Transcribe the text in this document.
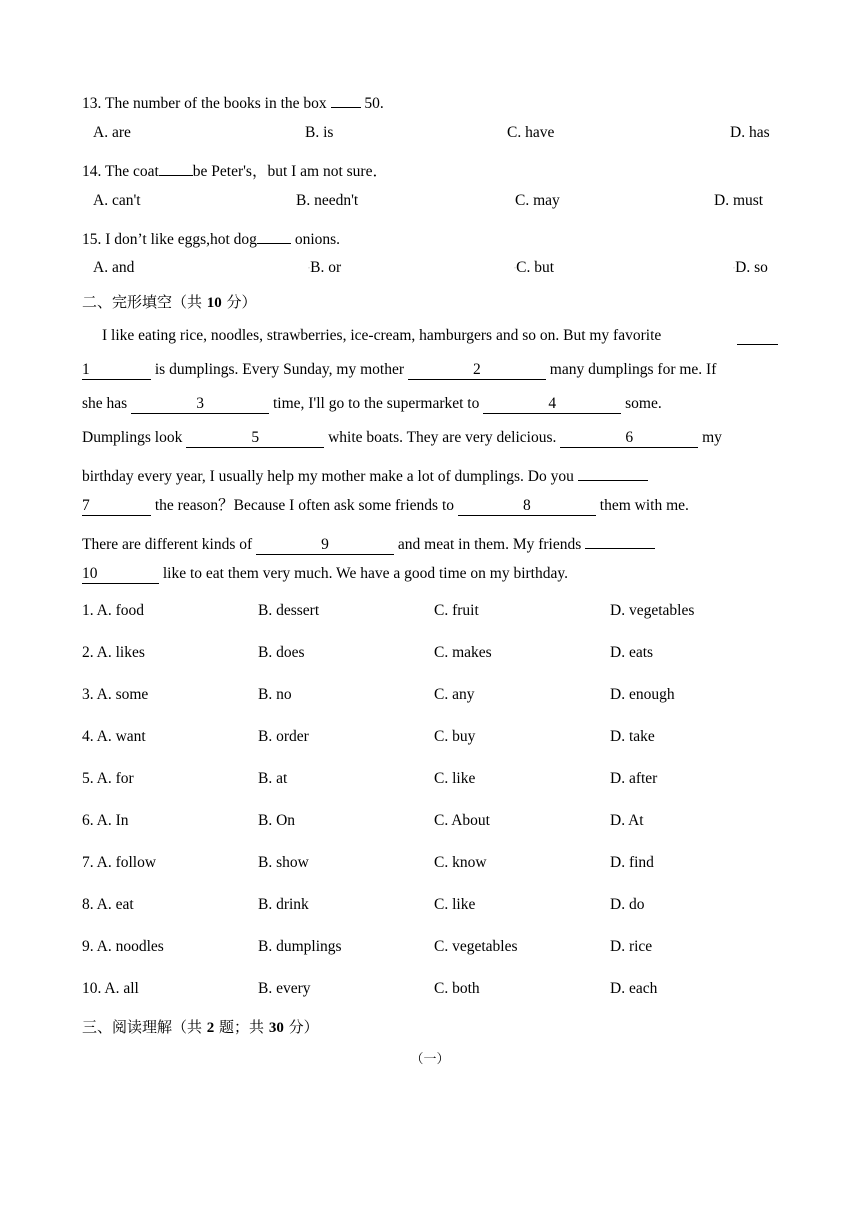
13. The number of the books in the box  50.
A. are	B. is	C. have	D. has
14. The coat be Peter's，but I am not sure．
A. can't	B. needn't	C. may	D. must
15. I don’t like eggs,hot dog onions.
A. and	◦B. or	◦C. but	◦D. so
二、完形填空（共 10 分）
I like eating rice, noodles, strawberries, ice-cream, hamburgers and so on. But my favorite
1	is dumplings. Every Sunday, my mother	2	many dumplings for me. If
she has	3	time, I'll go to the supermarket to	4	some.
Dumplings look	5	white boats. They are very delicious.	6	my
birthday every year, I usually help my mother make a lot of dumplings. Do you
7	the reason？Because I often ask some friends to	8	them with me.
There are different kinds of	9	and meat in them. My friends
10	like to eat them very much. We have a good time on my birthday.
1. A. food	B. dessert	C. fruit	D. vegetables
2. A. likes	B. does	C. makes	D. eats
3. A. some	B. no	C. any	D. enough
4. A. want	B. order	C. buy	D. take
5. A. for	B. at	C. like	D. after
6. A. In	B. On	C. About	D. At
7. A. follow	B. show	C. know	D. find
8. A. eat	B. drink	C. like	D. do
9. A. noodles	B. dumplings	C. vegetables	D. rice
10. A. all	B. every	C. both	D. each
三、阅读理解（共 2 题；共 30 分）
（一）
